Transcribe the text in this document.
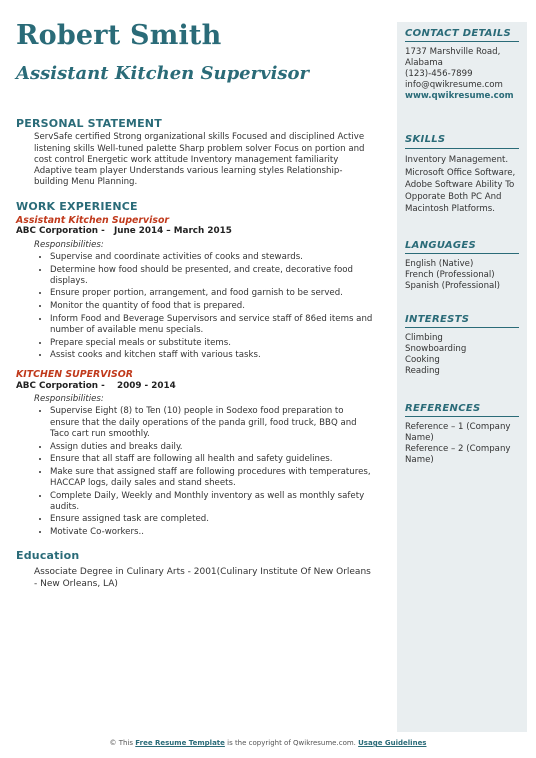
Robert Smith
Assistant Kitchen Supervisor
PERSONAL STATEMENT
ServSafe certified Strong organizational skills Focused and disciplined Active listening skills Well-tuned palette Sharp problem solver Focus on portion and cost control Energetic work attitude Inventory management familiarity Adaptive team player Understands various learning styles Relationship-building Menu Planning.
WORK EXPERIENCE
Assistant Kitchen Supervisor
ABC Corporation - June 2014 – March 2015
Responsibilities:
• Supervise and coordinate activities of cooks and stewards.
• Determine how food should be presented, and create, decorative food displays.
• Ensure proper portion, arrangement, and food garnish to be served.
• Monitor the quantity of food that is prepared.
• Inform Food and Beverage Supervisors and service staff of 86ed items and number of available menu specials.
• Prepare special meals or substitute items.
• Assist cooks and kitchen staff with various tasks.
KITCHEN SUPERVISOR
ABC Corporation - 2009 - 2014
Responsibilities:
• Supervise Eight (8) to Ten (10) people in Sodexo food preparation to ensure that the daily operations of the panda grill, food truck, BBQ and Taco cart run smoothly.
• Assign duties and breaks daily.
• Ensure that all staff are following all health and safety guidelines.
• Make sure that assigned staff are following procedures with temperatures, HACCAP logs, daily sales and stand sheets.
• Complete Daily, Weekly and Monthly inventory as well as monthly safety audits.
• Ensure assigned task are completed.
• Motivate Co-workers..
Education
Associate Degree in Culinary Arts - 2001(Culinary Institute Of New Orleans - New Orleans, LA)
CONTACT DETAILS
1737 Marshville Road, Alabama
(123)-456-7899
info@qwikresume.com
www.qwikresume.com
SKILLS
Inventory Management. Microsoft Office Software, Adobe Software Ability To Opporate Both PC And Macintosh Platforms.
LANGUAGES
English (Native)
French (Professional)
Spanish (Professional)
INTERESTS
Climbing
Snowboarding
Cooking
Reading
REFERENCES
Reference – 1 (Company Name)
Reference – 2 (Company Name)
© This Free Resume Template is the copyright of Qwikresume.com. Usage Guidelines
